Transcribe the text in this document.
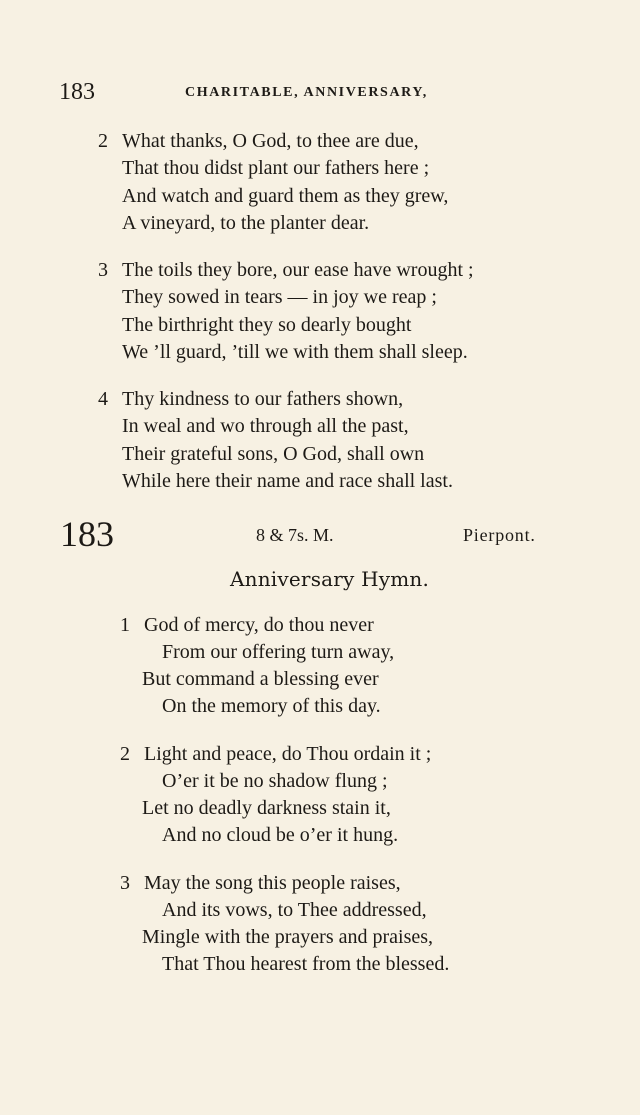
183	CHARITABLE, ANNIVERSARY,
2 What thanks, O God, to thee are due,
That thou didst plant our fathers here ;
And watch and guard them as they grew,
A vineyard, to the planter dear.
3 The toils they bore, our ease have wrought ;
They sowed in tears — in joy we reap ;
The birthright they so dearly bought
We ’ll guard, ’till we with them shall sleep.
4 Thy kindness to our fathers shown,
In weal and wo through all the past,
Their grateful sons, O God, shall own
While here their name and race shall last.
183	8 & 7s. M.	Pierpont.
Anniversary Hymn.
1 God of mercy, do thou never
From our offering turn away,
But command a blessing ever
On the memory of this day.
2 Light and peace, do Thou ordain it ;
O’er it be no shadow flung ;
Let no deadly darkness stain it,
And no cloud be o’er it hung.
3 May the song this people raises,
And its vows, to Thee addressed,
Mingle with the prayers and praises,
That Thou hearest from the blessed.
